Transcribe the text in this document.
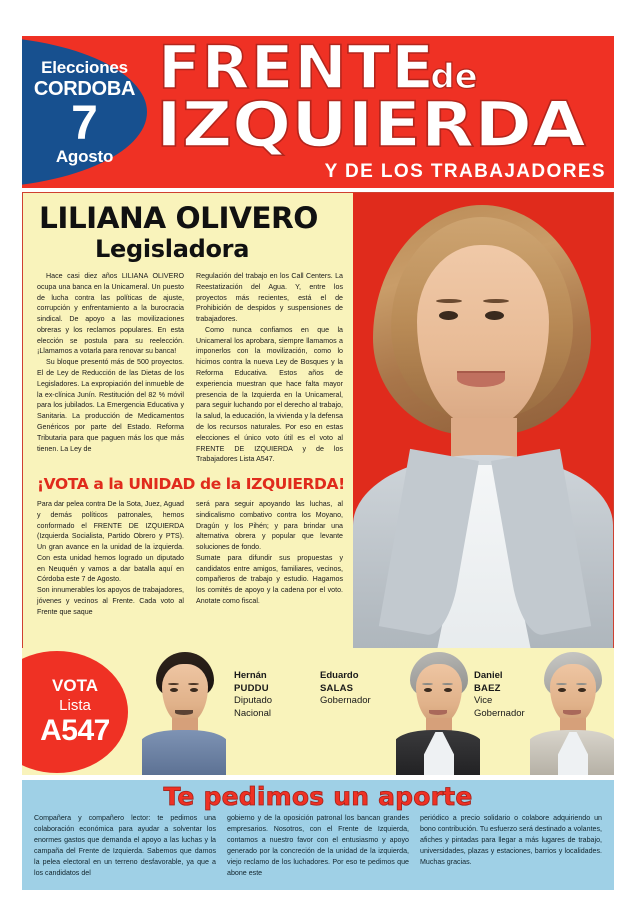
Elecciones
CORDOBA
7
Agosto
FRENTEde
IZQUIERDA
Y DE LOS TRABAJADORES
LILIANA OLIVERO
Legisladora

Hace casi diez años LILIANA OLIVERO ocupa una banca en la Unicameral. Un puesto de lucha contra las políticas de ajuste, corrupción y enfrentamiento a la burocracia sindical. De apoyo a las movilizaciones obreras y los reclamos populares. En esta elección se postula para su reelección. ¡Llamamos a votarla para renovar su banca!

Su bloque presentó más de 500 proyectos. El de Ley de Reducción de las Dietas de los Legisladores. La expropiación del inmueble de la ex-clínica Junín. Restitución del 82 % móvil para los jubilados. La Emergencia Educativa y Sanitaria. La producción de Medicamentos Genéricos por parte del Estado. Reforma Tributaria para que paguen más los que más tienen. La Ley de

Regulación del trabajo en los Call Centers. La Reestatización del Agua. Y, entre los proyectos más recientes, está el de Prohibición de despidos y suspensiones de trabajadores.

Como nunca confiamos en que la Unicameral los aprobara, siempre llamamos a imponerlos con la movilización, como lo hicimos contra la nueva Ley de Bosques y la Reforma Educativa. Estos años de experiencia muestran que hace falta mayor presencia de la Izquierda en la Unicameral, para seguir luchando por el derecho al trabajo, la salud, la educación, la vivienda y la defensa de los recursos naturales. Por eso en estas elecciones el único voto útil es el voto al FRENTE DE IZQUIERDA y de los Trabajadores Lista A547.

¡VOTA a la UNIDAD de la IZQUIERDA!

Para dar pelea contra De la Sota, Juez, Aguad y demás políticos patronales, hemos conformado el FRENTE DE IZQUIERDA (Izquierda Socialista, Partido Obrero y PTS). Un gran avance en la unidad de la izquierda. Con esta unidad hemos logrado un diputado en Neuquén y vamos a dar batalla aquí en Córdoba este 7 de Agosto.

Son innumerables los apoyos de trabajadores, jóvenes y vecinos al Frente. Cada voto al Frente que saque

será para seguir apoyando las luchas, al sindicalismo combativo contra los Moyano, Dragún y los Pihén; y para brindar una alternativa obrera y popular que levante soluciones de fondo.

Sumate para difundir sus propuestas y candidatos entre amigos, familiares, vecinos, compañeros de trabajo y estudio. Hagamos los comités de apoyo y la cadena por el voto. Anotate como fiscal.

VOTA
Lista
A547
Hernán
PUDDU
Diputado
Nacional
Eduardo
SALAS
Gobernador
Daniel
BAEZ
Vice
Gobernador
Te pedimos un aporte

Compañera y compañero lector: te pedimos una colaboración económica para ayudar a solventar los enormes gastos que demanda el apoyo a las luchas y la campaña del Frente de Izquierda. Sabemos que damos la pelea electoral en un terreno desfavorable, ya que a los candidatos del

gobierno y de la oposición patronal los bancan grandes empresarios. Nosotros, con el Frente de Izquierda, contamos a nuestro favor con el entusiasmo y apoyo generado por la concreción de la unidad de la izquierda, viejo reclamo de los luchadores. Por eso te pedimos que abone este

periódico a precio solidario o colabore adquiriendo un bono contribución. Tu esfuerzo será destinado a volantes, afiches y pintadas para llegar a más lugares de trabajo, universidades, plazas y estaciones, barrios y localidades. Muchas gracias.
